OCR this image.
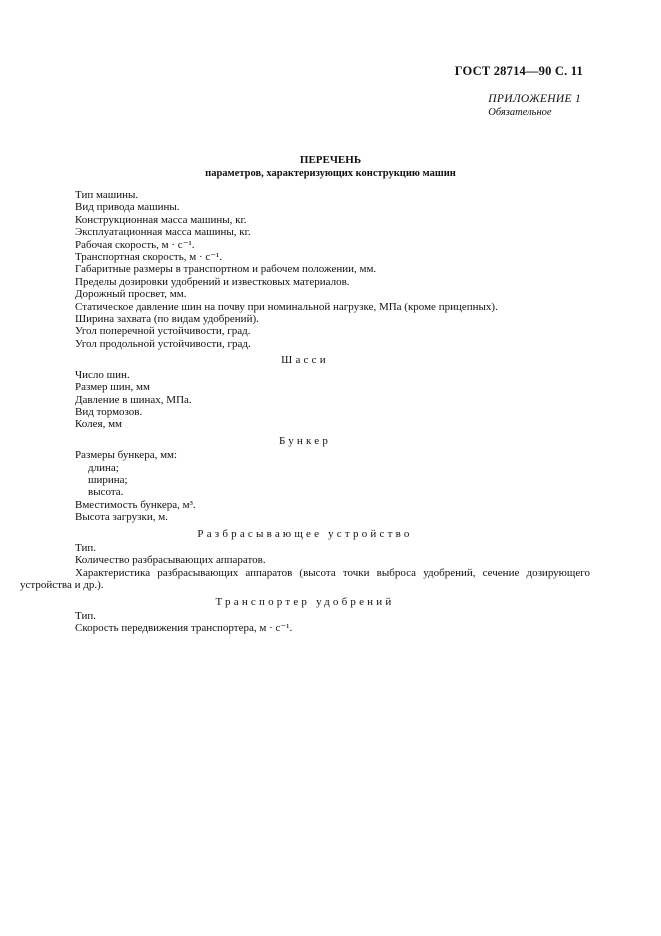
ГОСТ 28714—90 С. 11
ПРИЛОЖЕНИЕ 1
Обязательное
ПЕРЕЧЕНЬ
параметров, характеризующих конструкцию машин
Тип машины.
Вид привода машины.
Конструкционная масса машины, кг.
Эксплуатационная масса машины, кг.
Рабочая скорость, м · с⁻¹.
Транспортная скорость, м · с⁻¹.
Габаритные размеры в транспортном и рабочем положении, мм.
Пределы дозировки удобрений и известковых материалов.
Дорожный просвет, мм.
Статическое давление шин на почву при номинальной нагрузке, МПа (кроме прицепных).
Ширина захвата (по видам удобрений).
Угол поперечной устойчивости, град.
Угол продольной устойчивости, град.
Шасси
Число шин.
Размер шин, мм
Давление в шинах, МПа.
Вид тормозов.
Колея, мм
Бункер
Размеры бункера, мм:
длина;
ширина;
высота.
Вместимость бункера, м³.
Высота загрузки, м.
Разбрасывающее устройство
Тип.
Количество разбрасывающих аппаратов.
Характеристика разбрасывающих аппаратов (высота точки выброса удобрений, сечение дозирующего устройства и др.).
Транспортер удобрений
Тип.
Скорость передвижения транспортера, м · с⁻¹.
